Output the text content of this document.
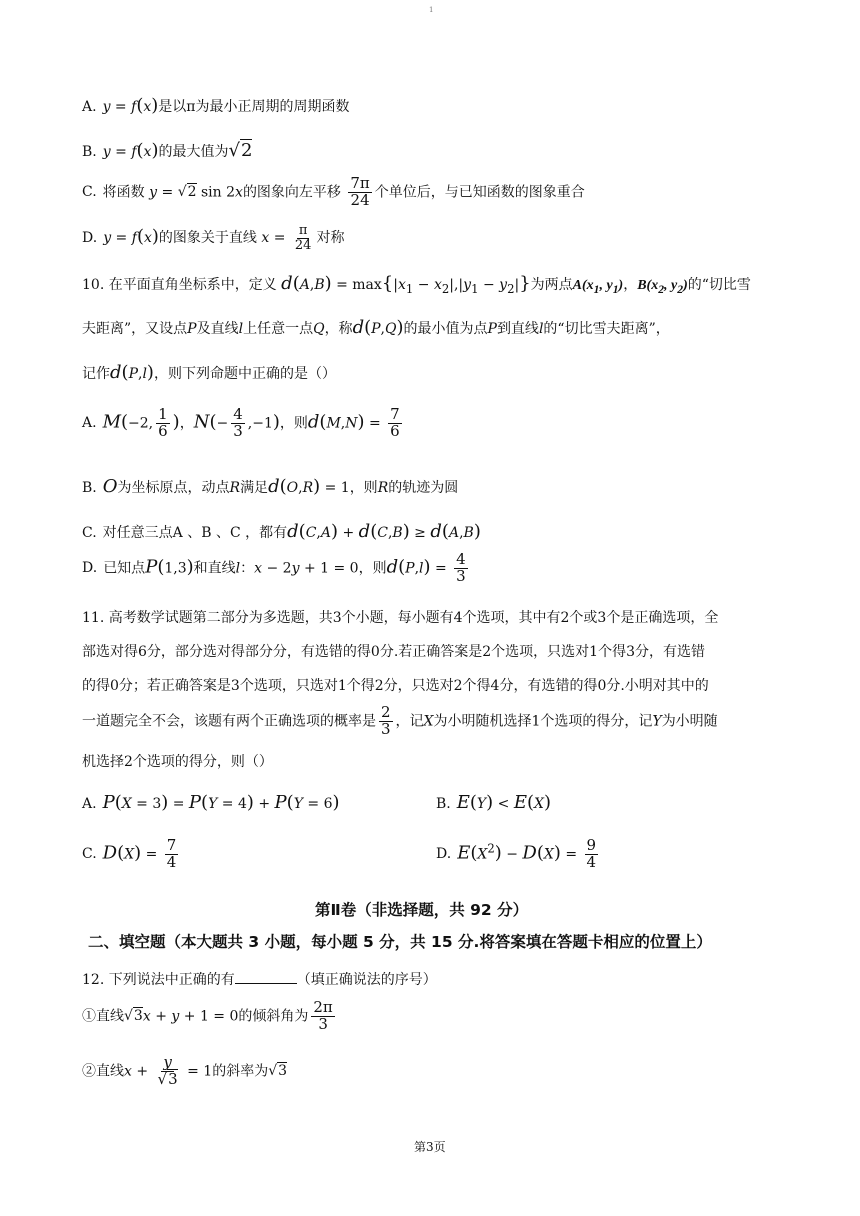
1
A. y = f(x)是以π为最小正周期的周期函数
B. y = f(x)的最大值为√2
C. 将函数 y = √2 sin 2x的图象向左平移 $\frac{7\pi}{24}$ 个单位后，与已知函数的图象重合
D. y = f(x)的图象关于直线 $x = \frac{\pi}{24}$ 对称
10. 在平面直角坐标系中，定义 $d(A,B) = \max\{|x_1 - x_2|,|y_1 - y_2|\}$为两点$A(x_1$, $y_1$)，$B(x_2$, $y_2$)的“切比雪
夫距离”，又设点P及直线l上任意一点Q，称d(P,Q)的最小值为点P到直线l的“切比雪夫距离”，
记作d(P,l)，则下列命题中正确的是（）
A. M(−2, $\frac{1}{6}$ )，$N(- \frac{4}{3} ,-1)$，则$d(M,N) = \frac{7}{6}$
B. O为坐标原点，动点R满足d(O,R) = 1，则R的轨迹为圆
C. 对任意三点A 、B 、C ，都有d(C,A) + d(C,B) ≥ d(A,B)
D. 已知点P(1,3)和直线l：x − 2y + 1 = 0，则$d(P,l) = \frac{4}{3}$
11. 高考数学试题第二部分为多选题，共3个小题，每小题有4个选项，其中有2个或3个是正确选项，全
部选对得6分，部分选对得部分分，有选错的得0分.若正确答案是2个选项，只选对1个得3分，有选错
的得0分；若正确答案是3个选项，只选对1个得2分，只选对2个得4分，有选错的得0分.小明对其中的
一道题完全不会，该题有两个正确选项的概率是 $\frac{2}{3}$ ，记X为小明随机选择1个选项的得分，记Y为小明随
机选择2个选项的得分，则（）
A. P(X = 3) = P(Y = 4) + P(Y = 6)	B. E(Y) < E(X)
C. $D(X) = \frac{7}{4}$	D. $E(X^2) - D(X) = \frac{9}{4}$
第Ⅱ卷（非选择题，共 92 分）
二、填空题（本大题共 3 小题，每小题 5 分，共 15 分.将答案填在答题卡相应的位置上）
12. 下列说法中正确的有	（填正确说法的序号）
①直线√3x + y + 1 = 0的倾斜角为 $\frac{2\pi}{3}$
②直线$x + \frac{y}{√3} = 1$的斜率为√3
第3页
